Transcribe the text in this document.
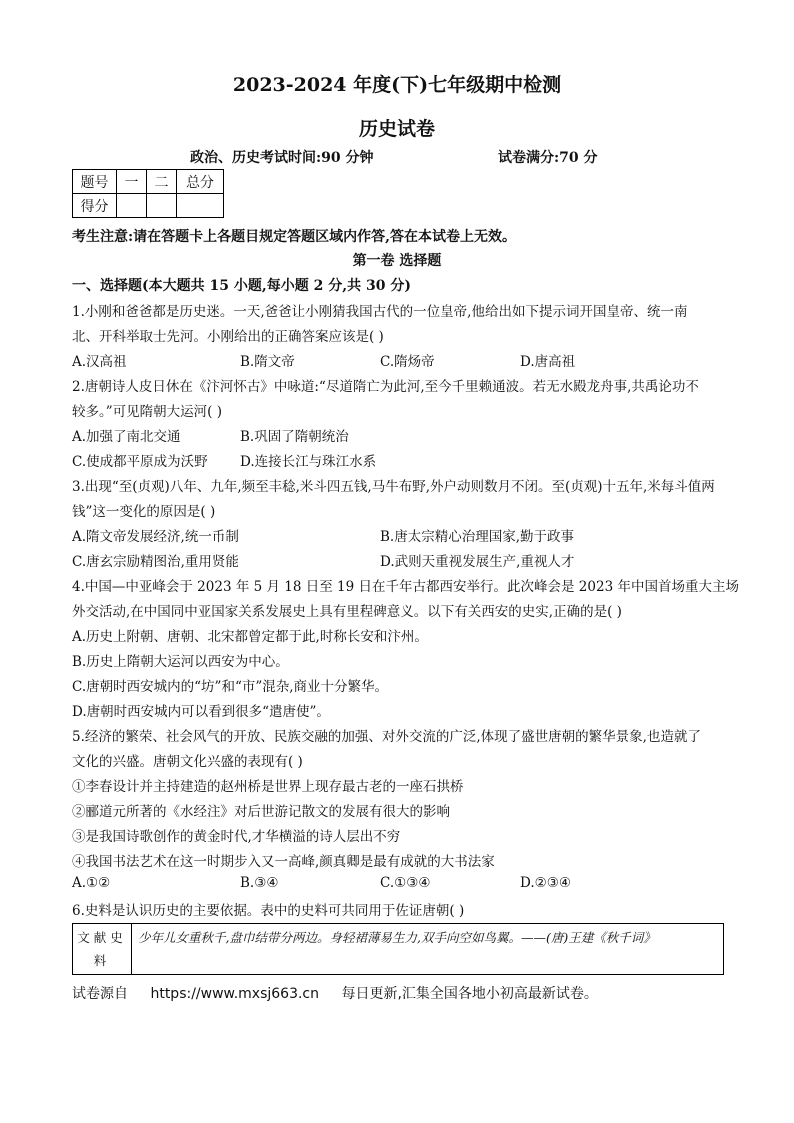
2023-2024 年度(下)七年级期中检测
历史试卷
政治、历史考试时间:90 分钟	试卷满分:70 分
题号	一	二	总分
得分			
考生注意:请在答题卡上各题目规定答题区域内作答,答在本试卷上无效。
第一卷 选择题
一、选择题(本大题共 15 小题,每小题 2 分,共 30 分)
1.小刚和爸爸都是历史迷。一天,爸爸让小刚猜我国古代的一位皇帝,他给出如下提示词开国皇帝、统一南
北、开科举取士先河。小刚给出的正确答案应该是( )
A.汉高祖	B.隋文帝	C.隋炀帝	D.唐高祖
2.唐朝诗人皮日休在《汴河怀古》中咏道:“尽道隋亡为此河,至今千里赖通波。若无水殿龙舟事,共禹论功不
较多。”可见隋朝大运河( )
A.加强了南北交通	B.巩固了隋朝统治
C.使成都平原成为沃野 D.连接长江与珠江水系
3.出现“至(贞观)八年、九年,频至丰稔,米斗四五钱,马牛布野,外户动则数月不闭。至(贞观)十五年,米每斗值两
钱”这一变化的原因是( )
A.隋文帝发展经济,统一币制	B.唐太宗精心治理国家,勤于政事
C.唐玄宗励精图治,重用贤能	D.武则天重视发展生产,重视人才
4.中国—中亚峰会于 2023 年 5 月 18 日至 19 日在千年古都西安举行。此次峰会是 2023 年中国首场重大主场
外交活动,在中国同中亚国家关系发展史上具有里程碑意义。以下有关西安的史实,正确的是( )
A.历史上附朝、唐朝、北宋都曾定都于此,时称长安和汴州。
B.历史上隋朝大运河以西安为中心。
C.唐朝时西安城内的“坊”和“市”混杂,商业十分繁华。
D.唐朝时西安城内可以看到很多“遣唐使”。
5.经济的繁荣、社会风气的开放、民族交融的加强、对外交流的广泛,体现了盛世唐朝的繁华景象,也造就了
文化的兴盛。唐朝文化兴盛的表现有( )
①李春设计并主持建造的赵州桥是世界上现存最古老的一座石拱桥
②郦道元所著的《水经注》对后世游记散文的发展有很大的影响
③是我国诗歌创作的黄金时代,才华横溢的诗人层出不穷
④我国书法艺术在这一时期步入又一高峰,颜真卿是最有成就的大书法家
A.①②	B.③④	C.①③④	D.②③④
6.史料是认识历史的主要依据。表中的史料可共同用于佐证唐朝( )
文献史料	少年儿女重秋千,盘巾结带分两边。身轻裙薄易生力,双手向空如鸟翼。——(唐)王建《秋千词》
试卷源自 https://www.mxsj663.cn 每日更新,汇集全国各地小初高最新试卷。
